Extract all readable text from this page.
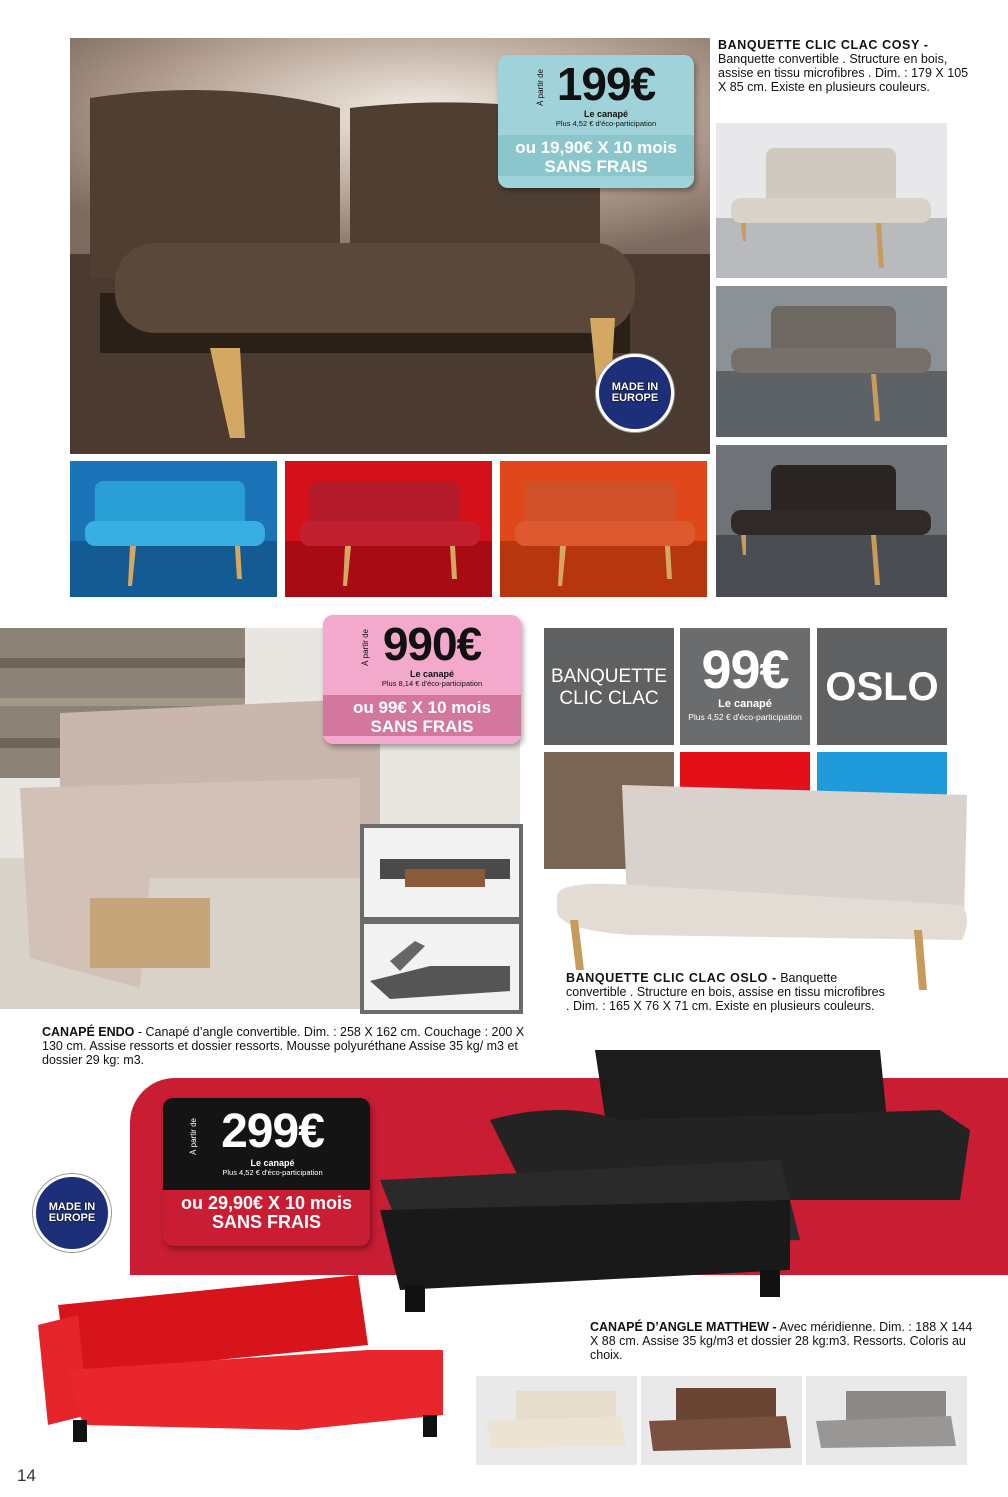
À partir de 199€
Le canapé
Plus 4,52 € d'éco-participation
ou 19,90€ X 10 mois
SANS FRAIS
MADE IN EUROPE
BANQUETTE CLIC CLAC COSY - Banquette convertible . Structure en bois, assise en tissu microfibres . Dim. : 179 X 105 X 85 cm. Existe en plusieurs couleurs.
À partir de 990€
Le canapé
Plus 8,14 € d'éco-participation
ou 99€ X 10 mois
SANS FRAIS
CANAPÉ ENDO - Canapé d’angle convertible. Dim. : 258 X 162 cm. Couchage : 200 X 130 cm. Assise ressorts et dossier ressorts. Mousse polyuréthane Assise 35 kg/ m3 et dossier 29 kg: m3.
BANQUETTE CLIC CLAC 99€
Le canapé
Plus 4,52 € d'éco-participation
OSLO
BANQUETTE CLIC CLAC OSLO - Banquette convertible . Structure en bois, assise en tissu microfibres . Dim. : 165 X 76 X 71 cm. Existe en plusieurs couleurs.
À partir de 299€
Le canapé
Plus 4,52 € d'éco-participation
ou 29,90€ X 10 mois
SANS FRAIS
MADE IN EUROPE
CANAPÉ D’ANGLE MATTHEW - Avec méridienne. Dim. : 188 X 144 X 88 cm. Assise 35 kg/m3 et dossier 28 kg:m3. Ressorts. Coloris au choix.
14
